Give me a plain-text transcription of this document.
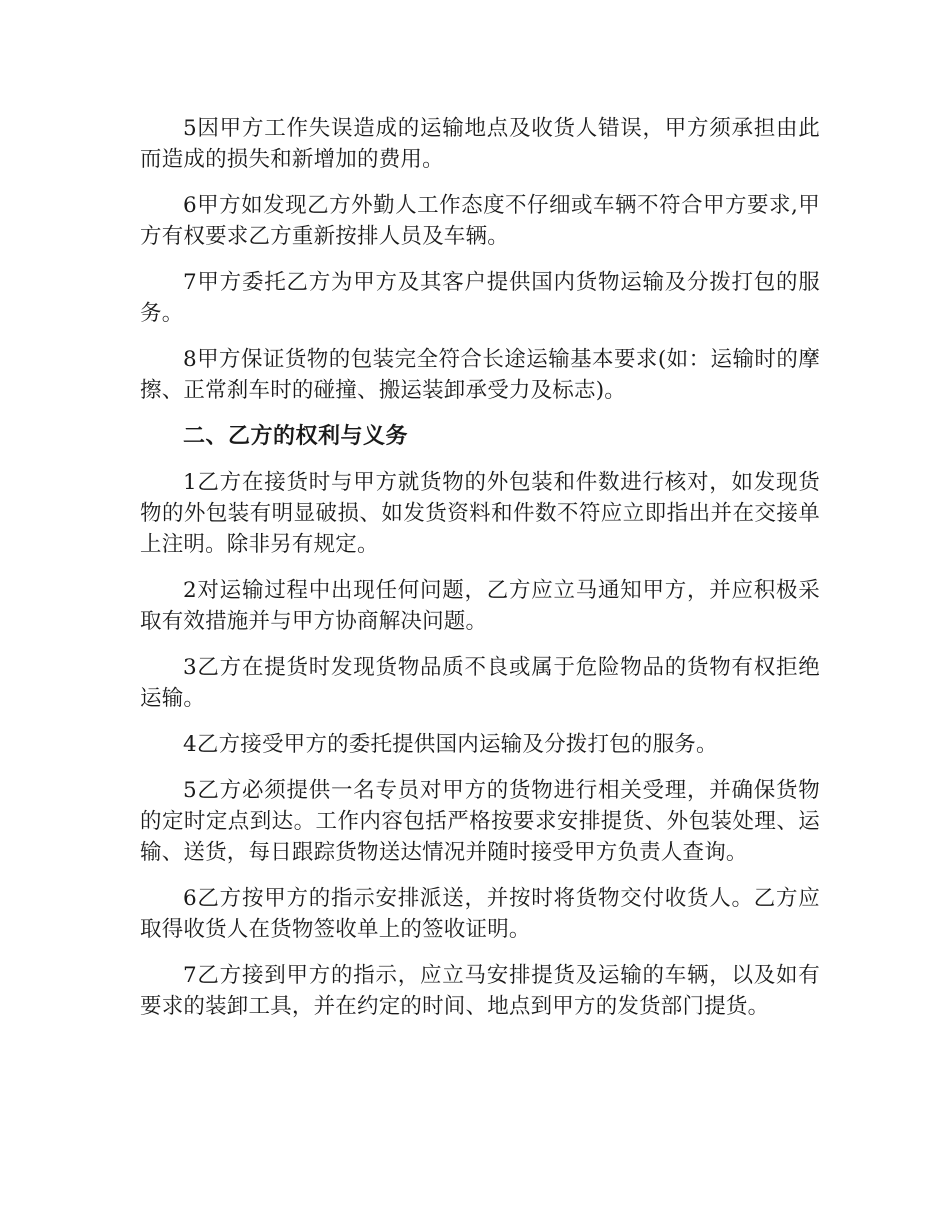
5因甲方工作失误造成的运输地点及收货人错误，甲方须承担由此而造成的损失和新增加的费用。

6甲方如发现乙方外勤人工作态度不仔细或车辆不符合甲方要求,甲方有权要求乙方重新按排人员及车辆。

7甲方委托乙方为甲方及其客户提供国内货物运输及分拨打包的服务。

8甲方保证货物的包装完全符合长途运输基本要求(如：运输时的摩擦、正常刹车时的碰撞、搬运装卸承受力及标志)。

二、乙方的权利与义务

1乙方在接货时与甲方就货物的外包装和件数进行核对，如发现货物的外包装有明显破损、如发货资料和件数不符应立即指出并在交接单上注明。除非另有规定。

2对运输过程中出现任何问题，乙方应立马通知甲方，并应积极采取有效措施并与甲方协商解决问题。

3乙方在提货时发现货物品质不良或属于危险物品的货物有权拒绝运输。

4乙方接受甲方的委托提供国内运输及分拨打包的服务。

5乙方必须提供一名专员对甲方的货物进行相关受理，并确保货物的定时定点到达。工作内容包括严格按要求安排提货、外包装处理、运输、送货，每日跟踪货物送达情况并随时接受甲方负责人查询。

6乙方按甲方的指示安排派送，并按时将货物交付收货人。乙方应取得收货人在货物签收单上的签收证明。

7乙方接到甲方的指示，应立马安排提货及运输的车辆，以及如有要求的装卸工具，并在约定的时间、地点到甲方的发货部门提货。
